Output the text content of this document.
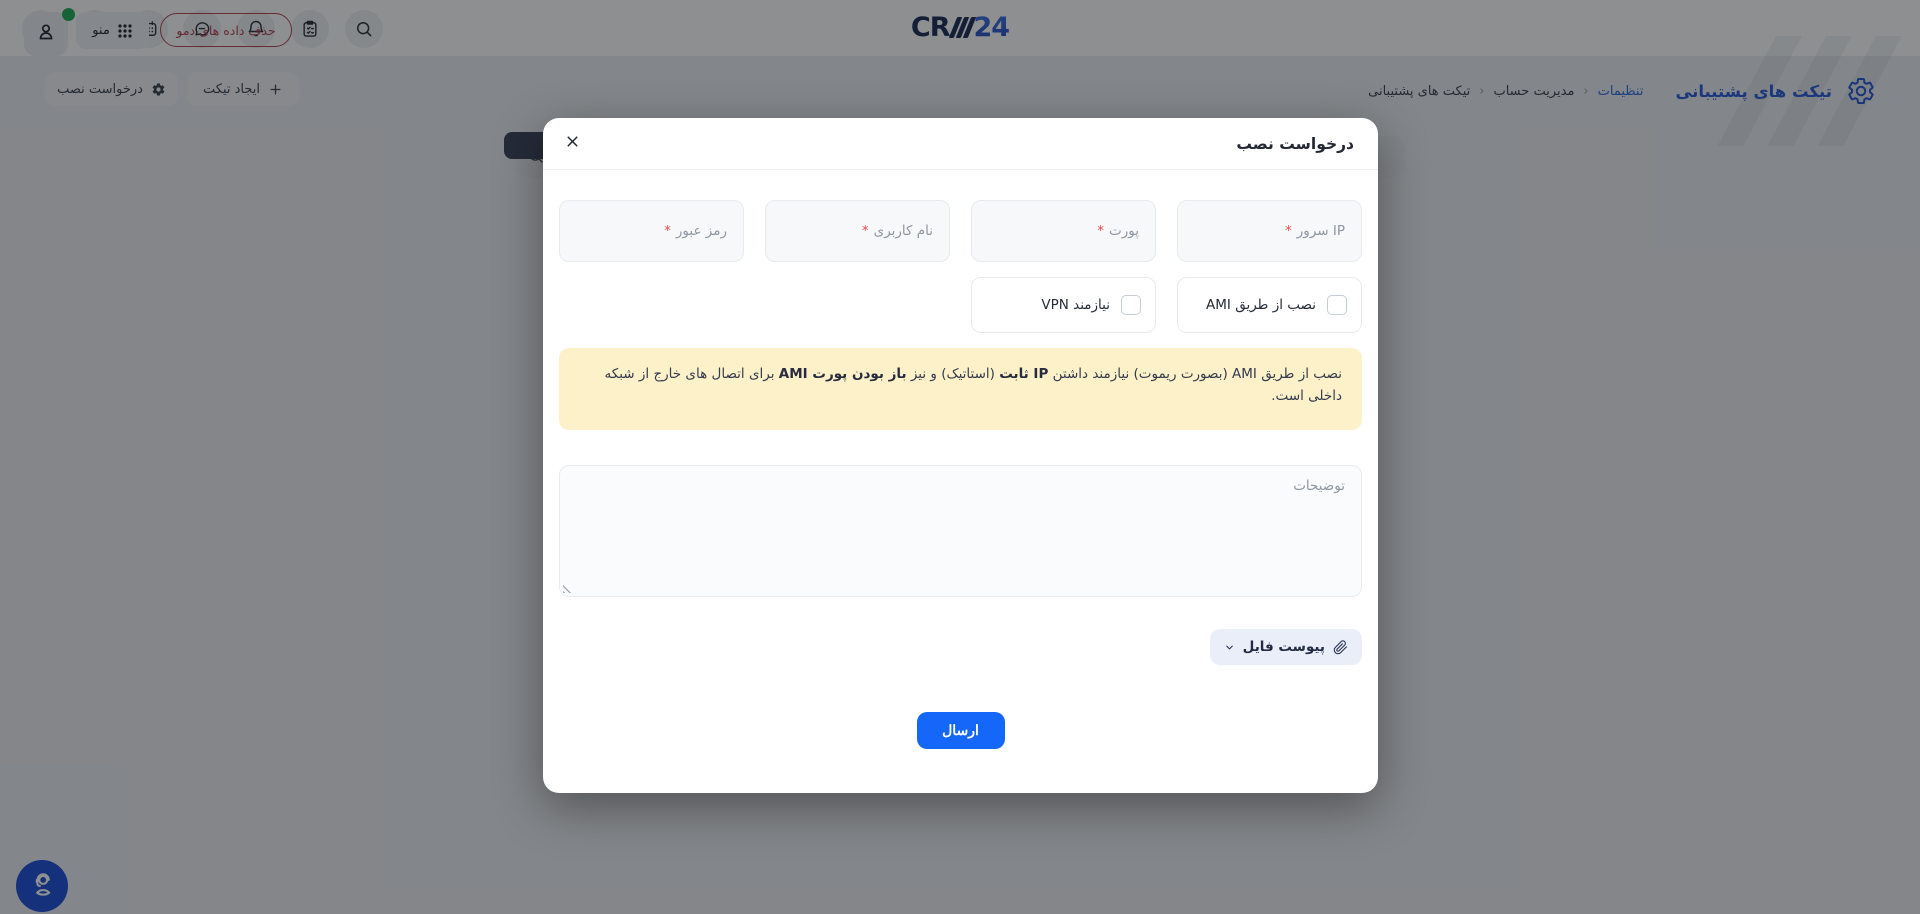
CR 24
حذف داده های دمو
منو
تیکت های پشتیبانی
تنظیمات
‹
مدیریت حساب
‹
تیکت های پشتیبانی
درخواست نصب	ایجاد تیکت
درخواست نصب
IP سرور
*
پورت
*
نام کاربری
*
رمز عبور
*
نصب از طریق AMI
نیازمند VPN
نصب از طریق AMI (بصورت ریموت) نیازمند داشتن IP ثابت (استاتیک) و نیز باز بودن پورت AMI برای اتصال های خارج از شبکه داخلی است.
توضیحات
پیوست فایل
ارسال
